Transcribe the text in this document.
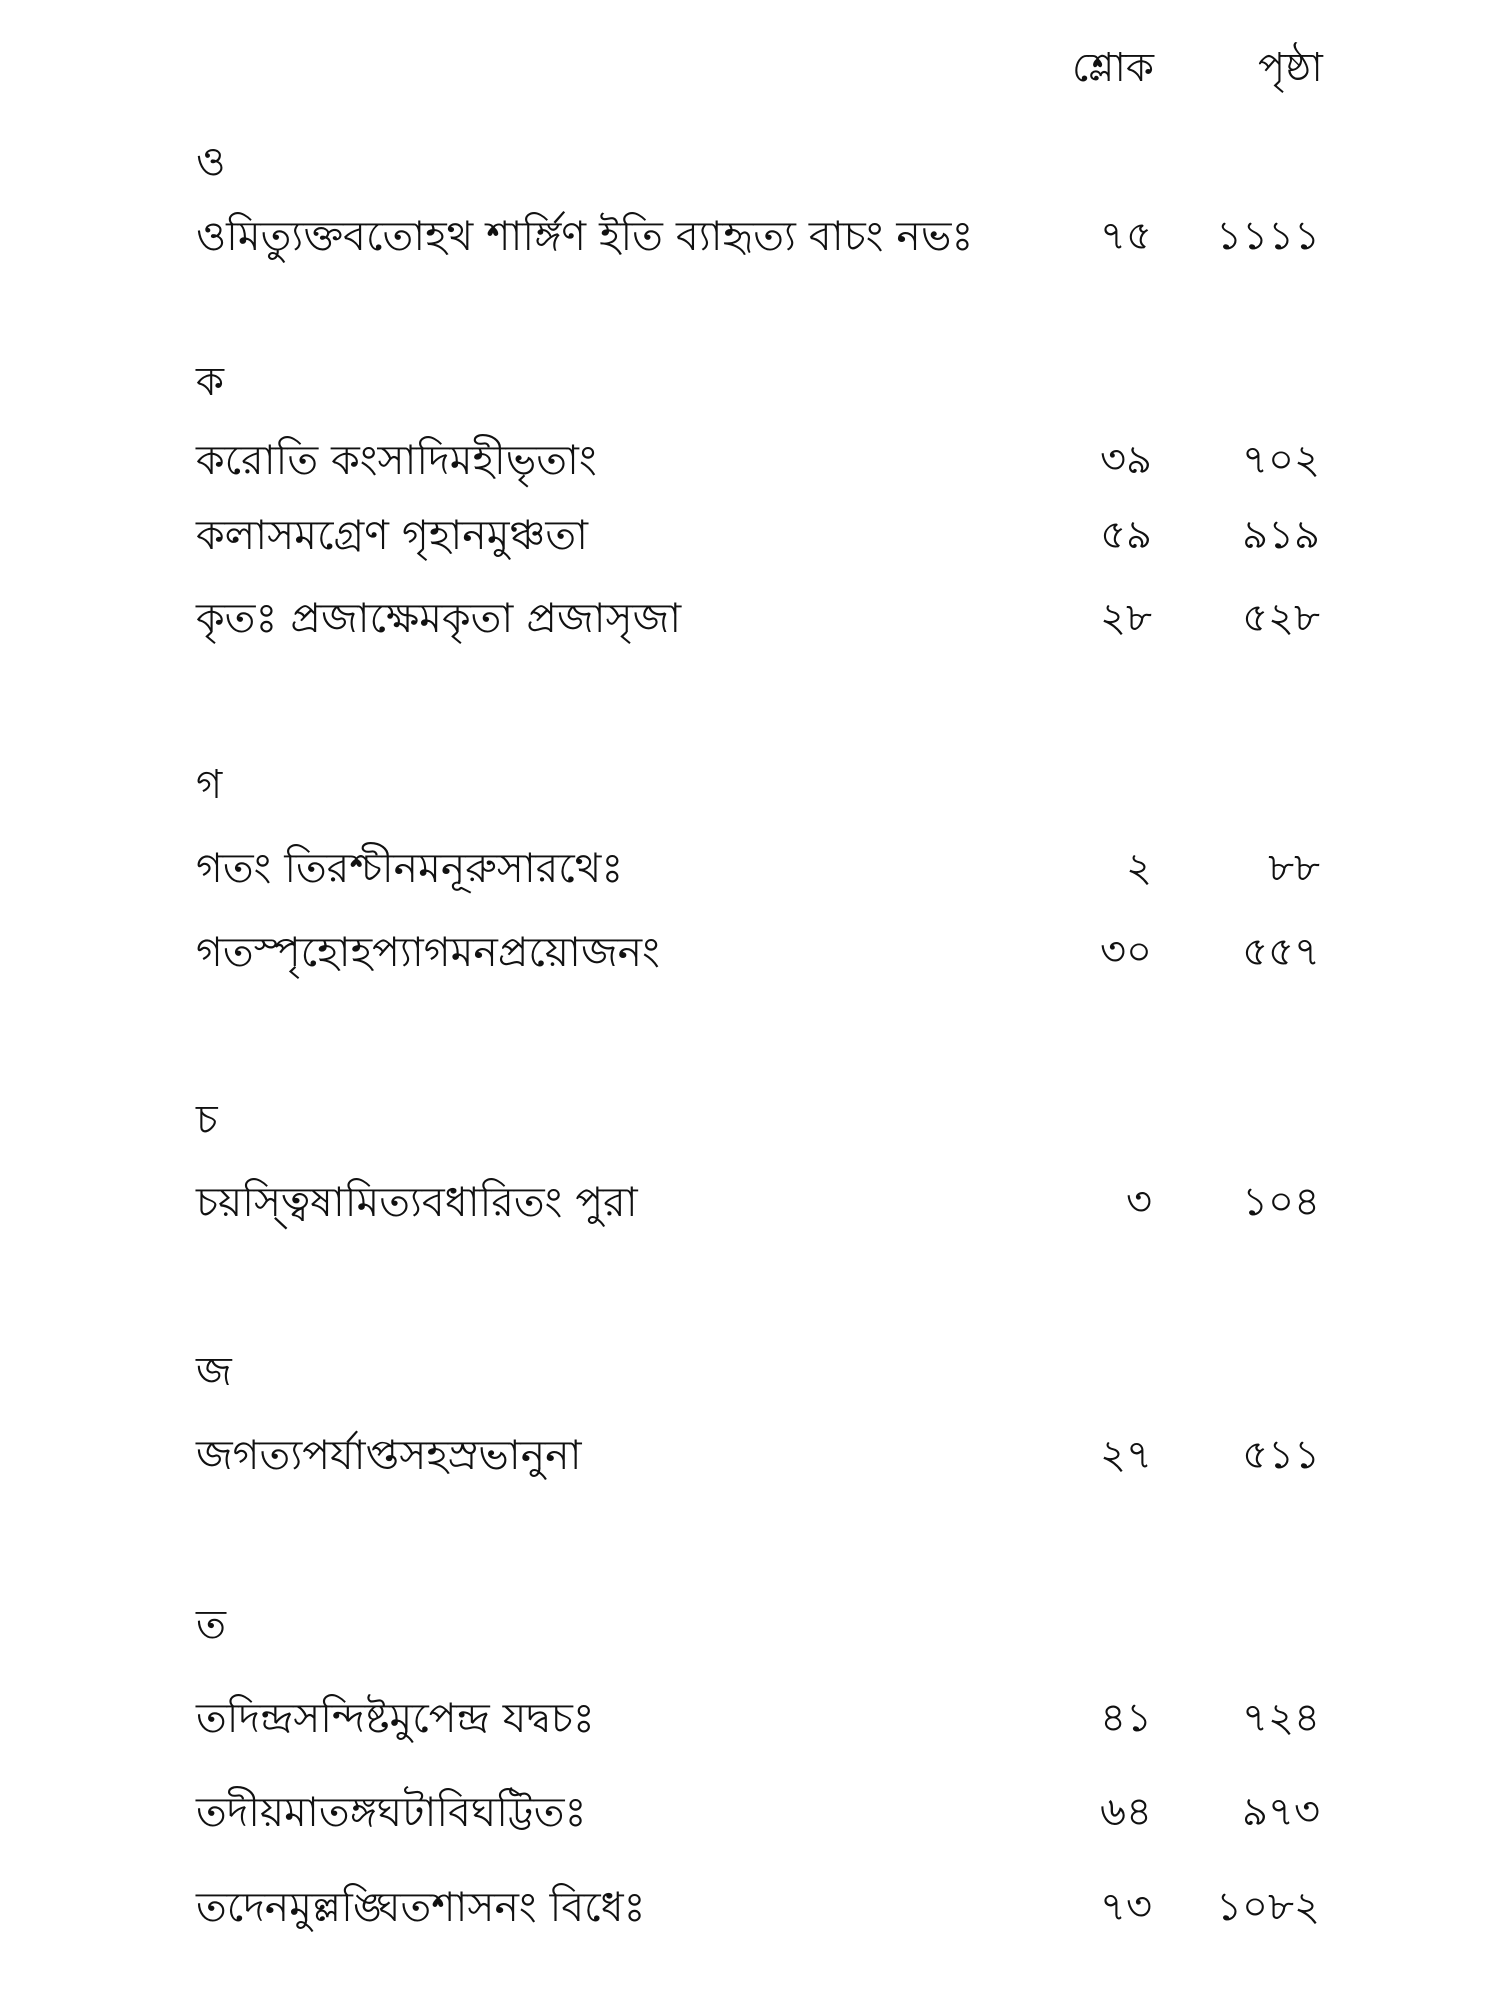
শ্লোক	পৃষ্ঠা
ও
ওমিত্যুক্তবতোহথ শার্ঙ্গিণ ইতি ব্যাহৃত্য বাচং নভঃ	৭৫ ১১১১
ক
করোতি কংসাদিমহীভৃতাং	৩৯ ৭০২
কলাসমগ্রেণ গৃহানমুঞ্চতা	৫৯ ৯১৯
কৃতঃ প্রজাক্ষেমকৃতা প্রজাসৃজা	২৮ ৫২৮
গ
গতং তিরশ্চীনমনূরুসারথেঃ	২	৮৮
গতস্পৃহোহপ্যাগমনপ্রয়োজনং	৩০ ৫৫৭
চ
চয়স্ত্বিষামিত্যবধারিতং পুরা	৩ ১০৪
জ
জগত্যপর্যাপ্তসহস্রভানুনা	২৭ ৫১১
ত
তদিন্দ্রসন্দিষ্টমুপেন্দ্র যদ্বচঃ	৪১ ৭২৪
তদীয়মাতঙ্গঘটাবিঘট্টিতঃ	৬৪ ৯৭৩
তদেনমুল্লঙ্ঘিতশাসনং বিধেঃ	৭৩ ১০৮২
